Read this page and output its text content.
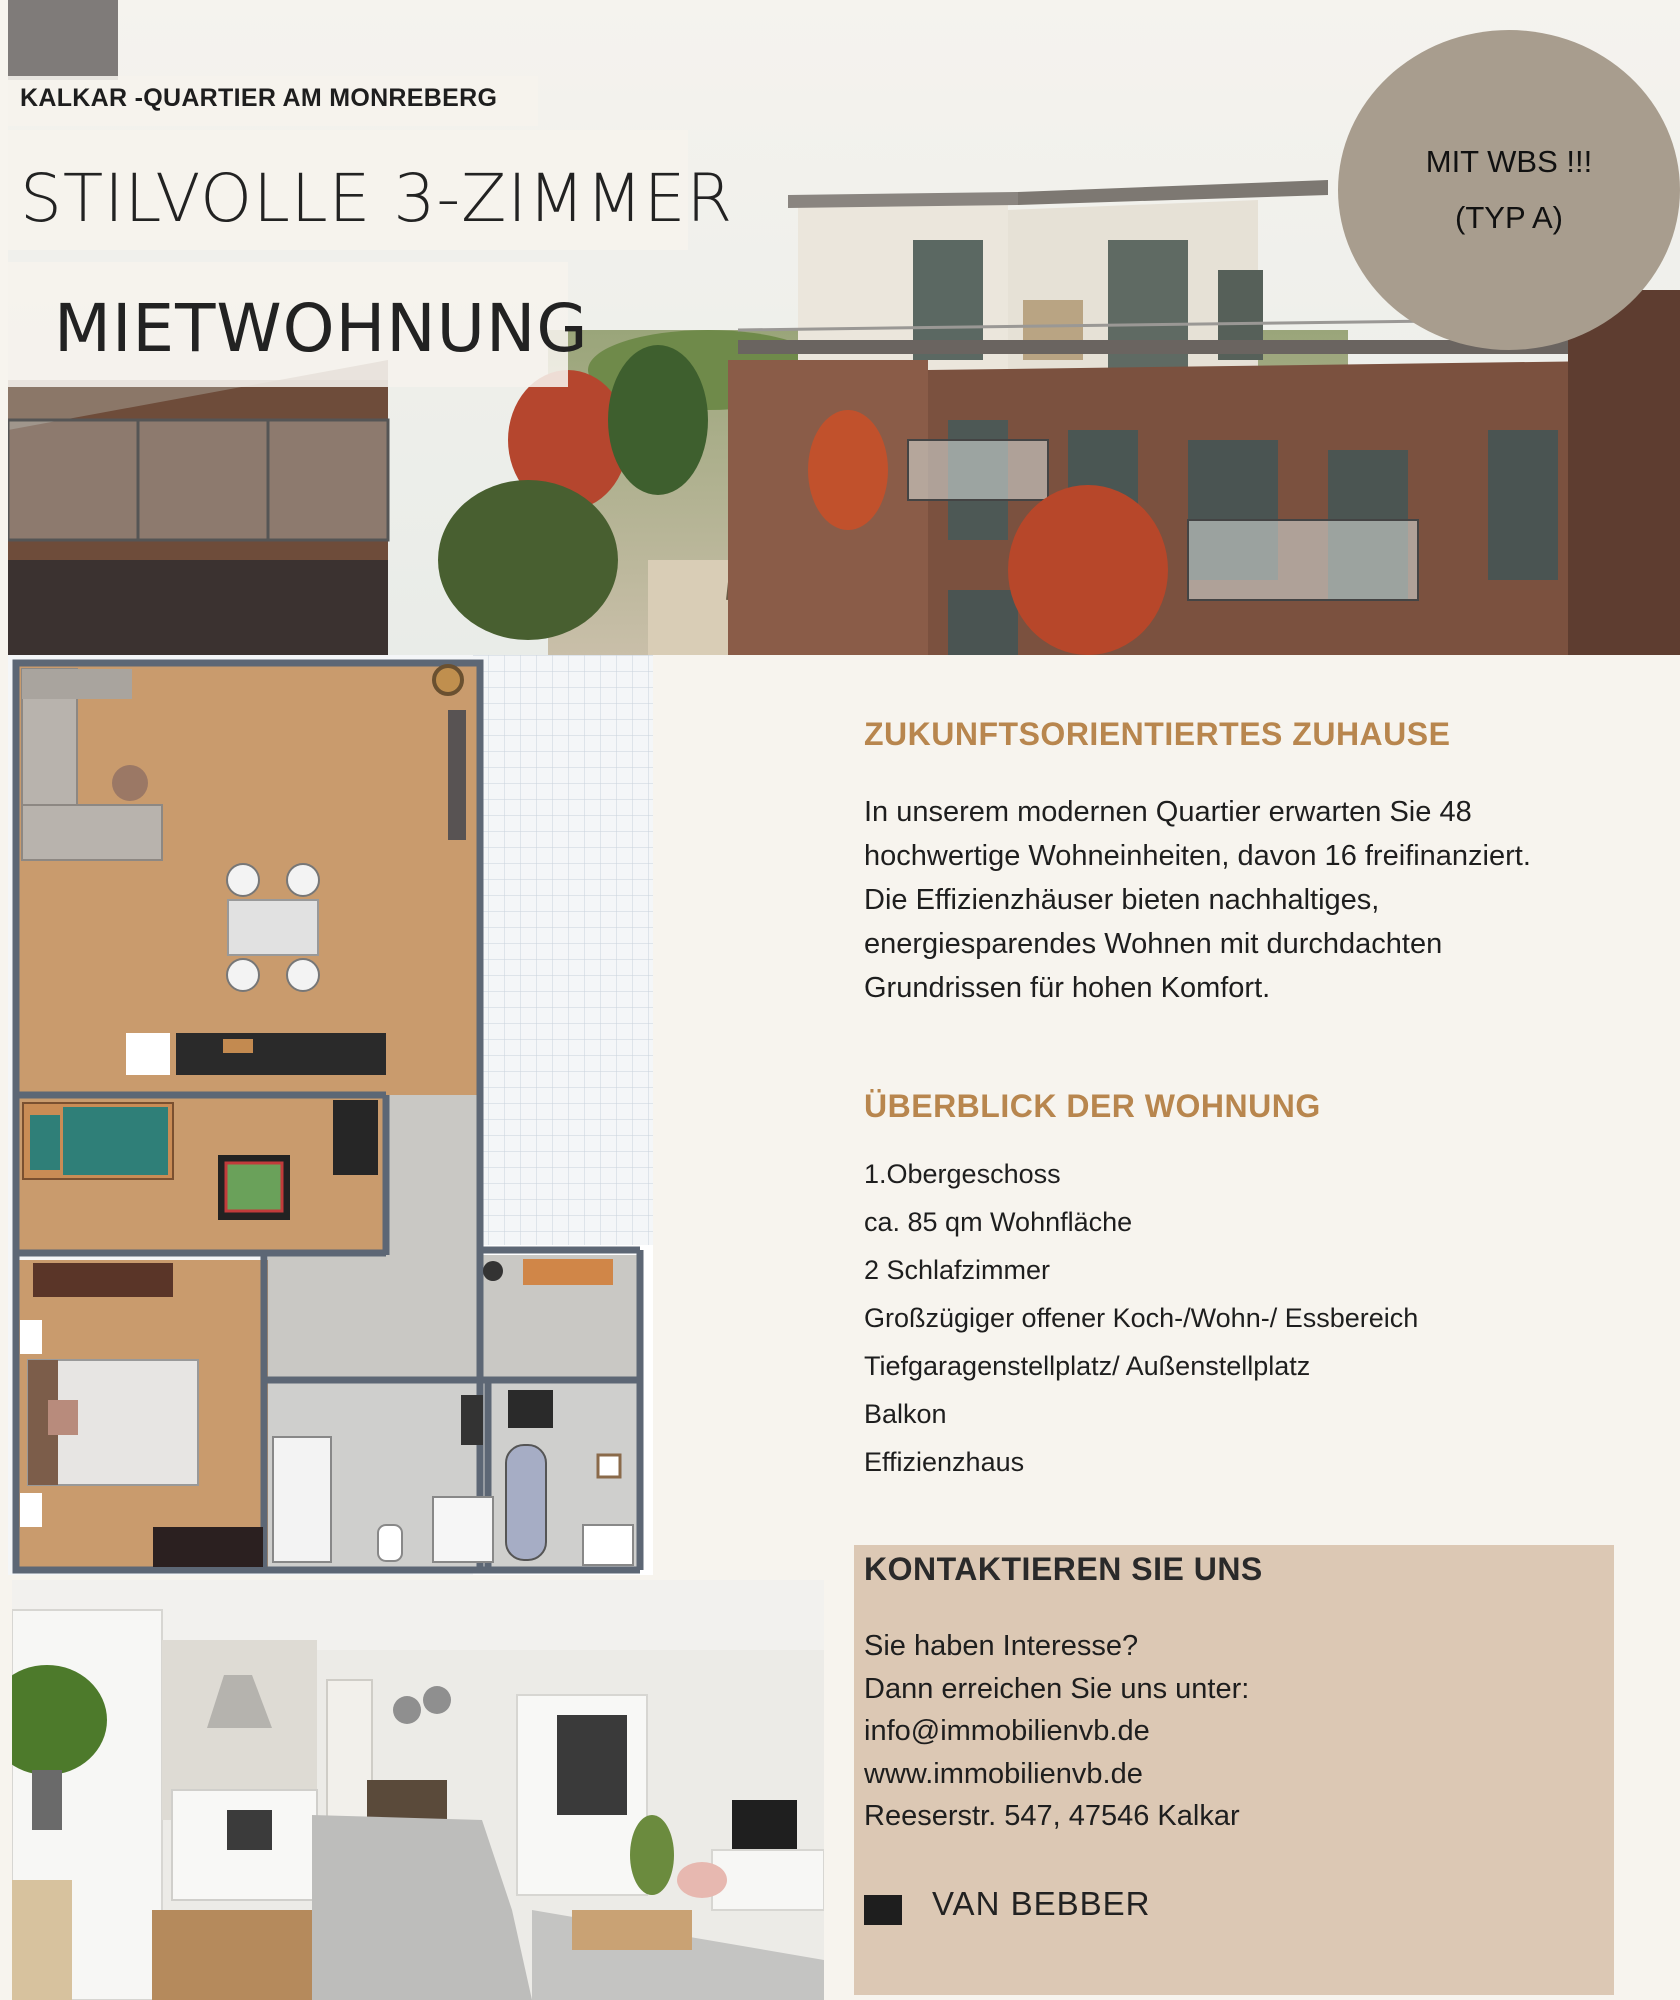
KALKAR -QUARTIER AM MONREBERG
STILVOLLE 3-ZIMMER
MIETWOHNUNG
MIT WBS !!!
(TYP A)
ZUKUNFTSORIENTIERTES ZUHAUSE
In unserem modernen Quartier erwarten Sie 48
hochwertige Wohneinheiten, davon 16 freifinanziert.
Die Effizienzhäuser bieten nachhaltiges,
energiesparendes Wohnen mit durchdachten
Grundrissen für hohen Komfort.
ÜBERBLICK DER WOHNUNG
1.Obergeschoss
ca. 85 qm Wohnfläche
2 Schlafzimmer
Großzügiger offener Koch-/Wohn-/ Essbereich
Tiefgaragenstellplatz/ Außenstellplatz
Balkon
Effizienzhaus
KONTAKTIEREN SIE UNS
Sie haben Interesse?
Dann erreichen Sie uns unter:
info@immobilienvb.de
www.immobilienvb.de
Reeserstr. 547, 47546 Kalkar
VAN BEBBER
